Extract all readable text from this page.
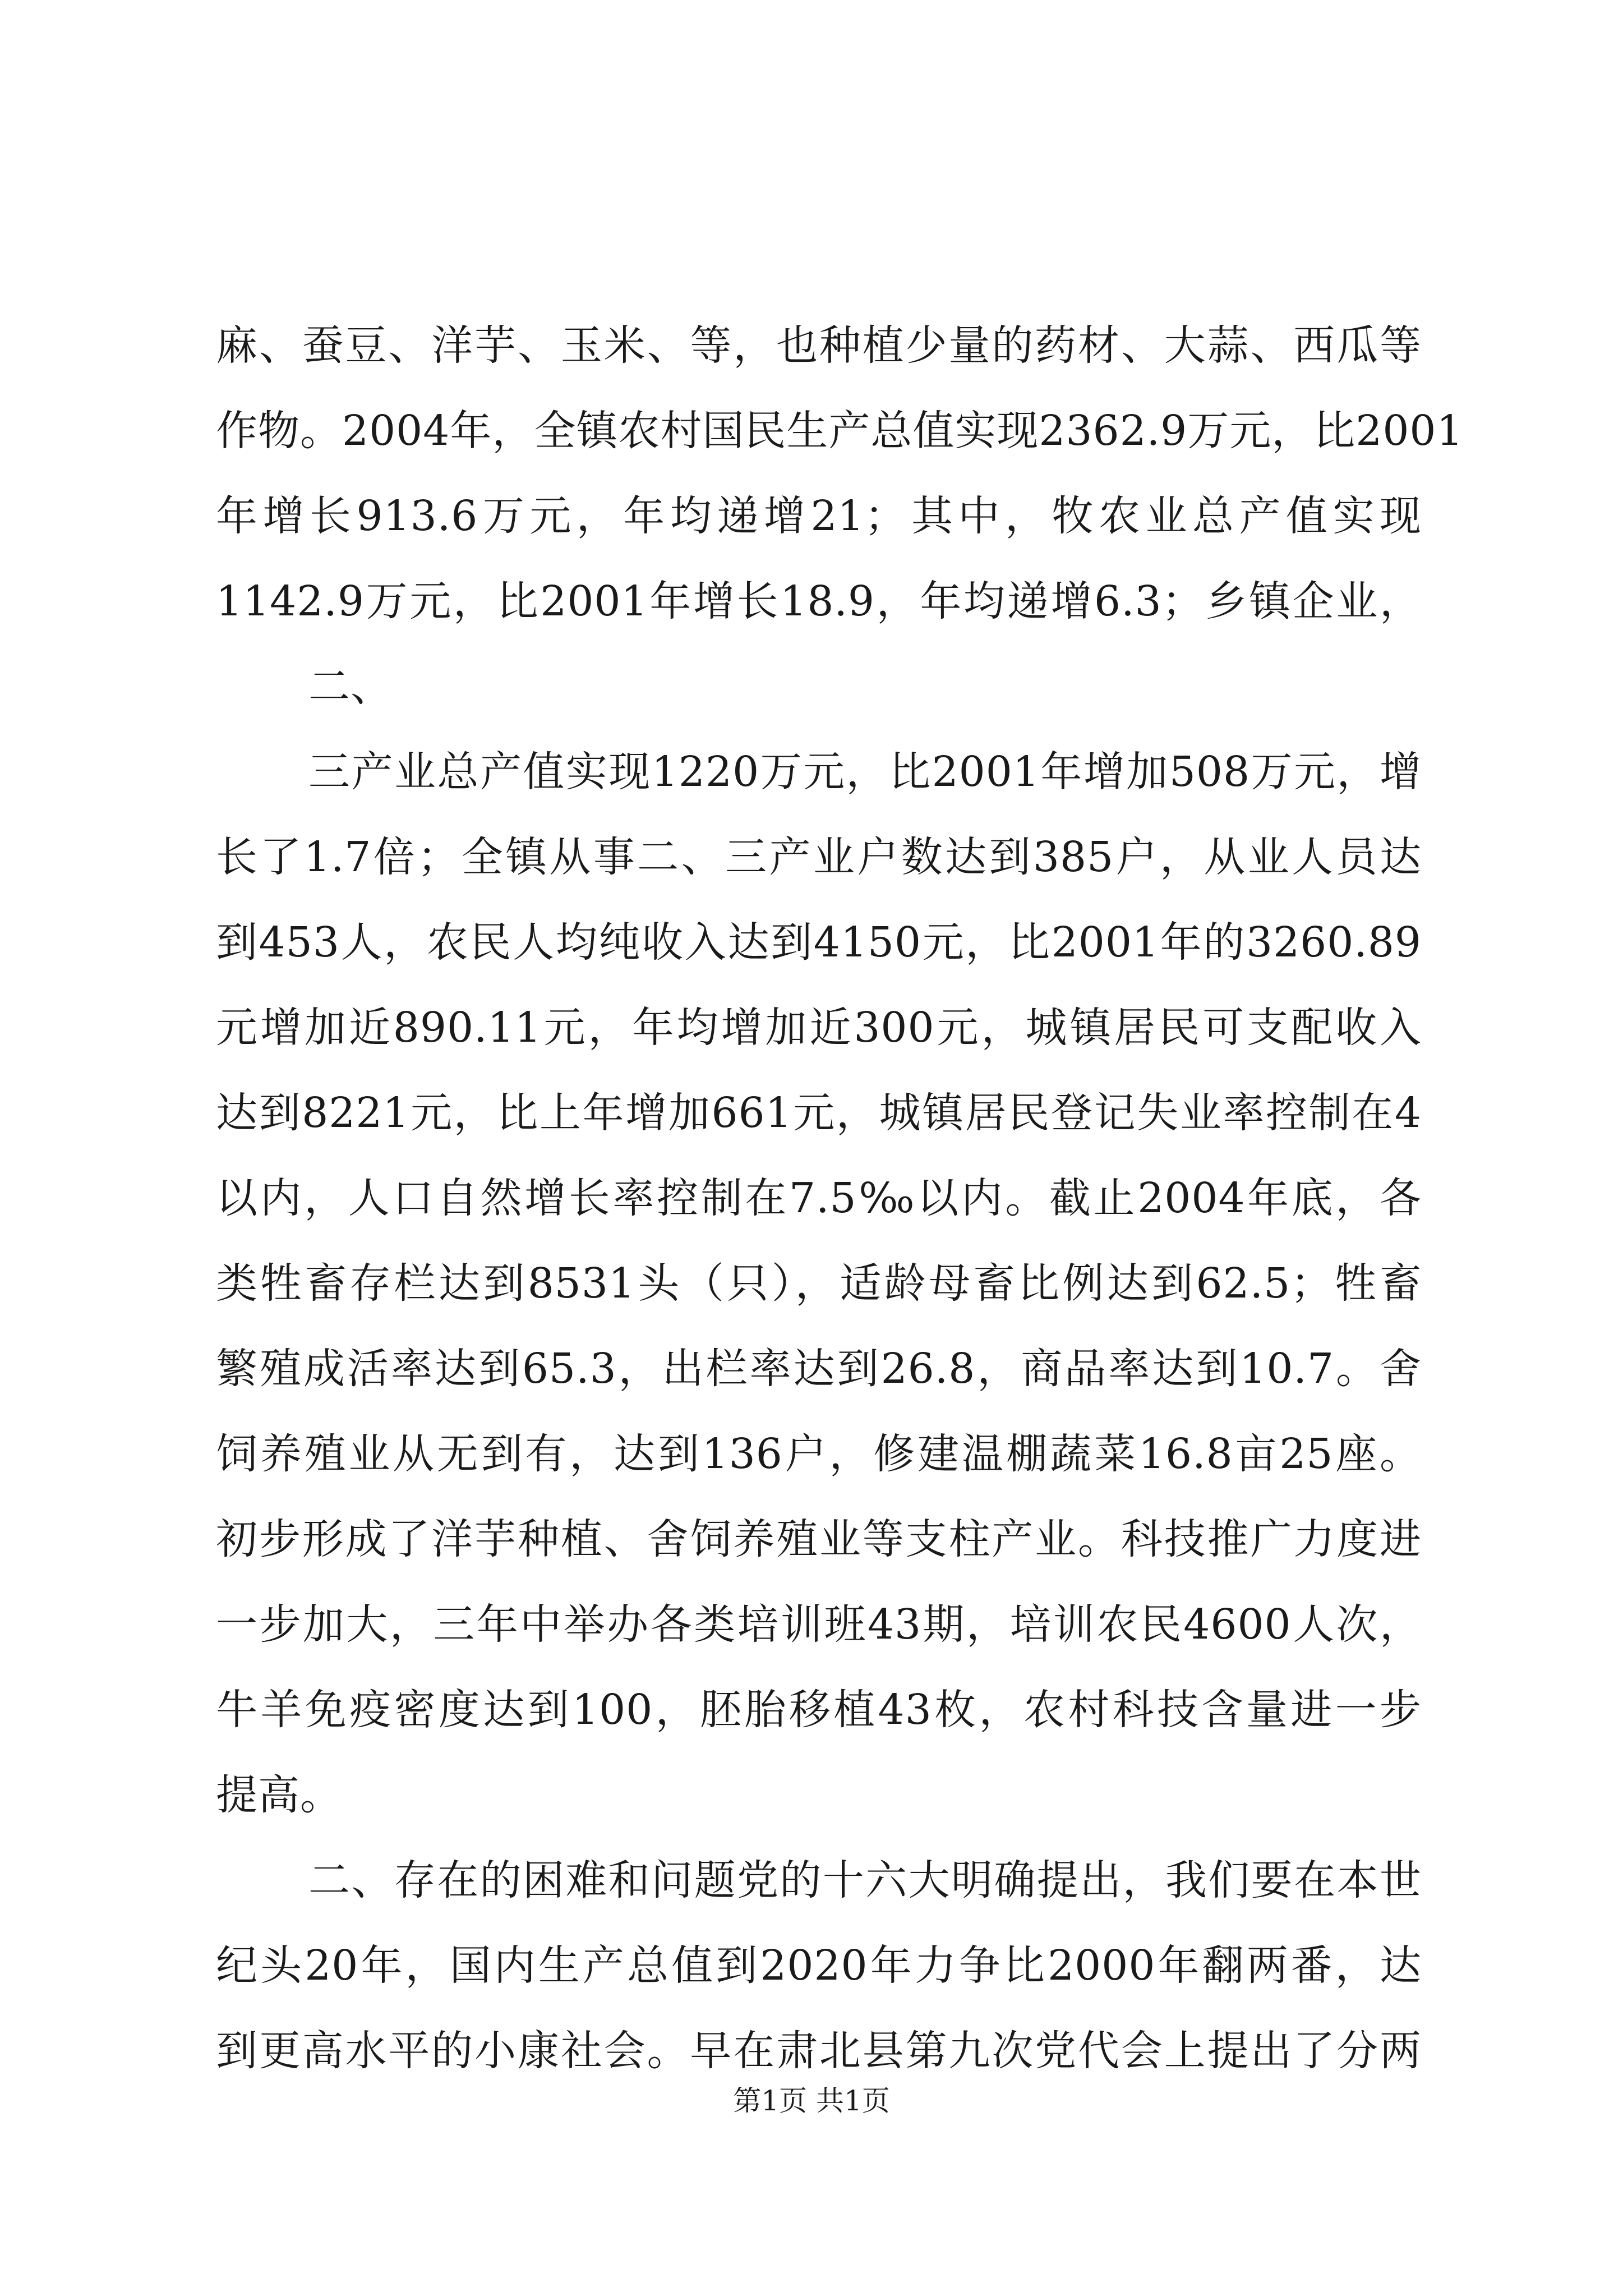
麻、蚕豆、洋芋、玉米、等，也种植少量的药材、大蒜、西瓜等
作物。2004年，全镇农村国民生产总值实现2362.9万元，比2001
年增长913.6万元，年均递增21；其中，牧农业总产值实现
1142.9万元，比2001年增长18.9，年均递增6.3；乡镇企业，
二、
三产业总产值实现1220万元，比2001年增加508万元，增
长了1.7倍；全镇从事二、三产业户数达到385户，从业人员达
到453人，农民人均纯收入达到4150元，比2001年的3260.89
元增加近890.11元，年均增加近300元，城镇居民可支配收入
达到8221元，比上年增加661元，城镇居民登记失业率控制在4
以内，人口自然增长率控制在7.5‰以内。截止2004年底，各
类牲畜存栏达到8531头（只），适龄母畜比例达到62.5；牲畜
繁殖成活率达到65.3，出栏率达到26.8，商品率达到10.7。舍
饲养殖业从无到有，达到136户，修建温棚蔬菜16.8亩25座。
初步形成了洋芋种植、舍饲养殖业等支柱产业。科技推广力度进
一步加大，三年中举办各类培训班43期，培训农民4600人次，
牛羊免疫密度达到100，胚胎移植43枚，农村科技含量进一步
提高。
二、存在的困难和问题党的十六大明确提出，我们要在本世
纪头20年，国内生产总值到2020年力争比2000年翻两番，达
到更高水平的小康社会。早在肃北县第九次党代会上提出了分两
第1页 共1页
